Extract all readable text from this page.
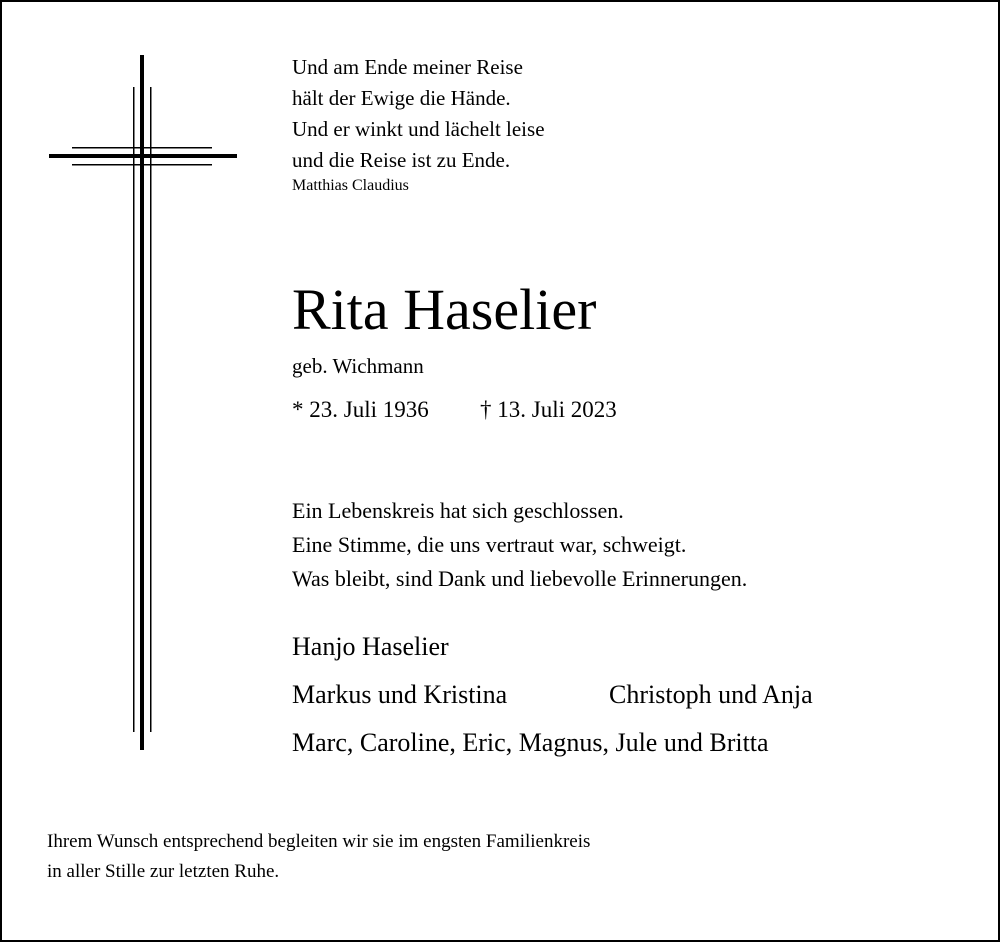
Und am Ende meiner Reise
hält der Ewige die Hände.
Und er winkt und lächelt leise
und die Reise ist zu Ende.
Matthias Claudius
Rita Haselier
geb. Wichmann
* 23. Juli 1936 † 13. Juli 2023
Ein Lebenskreis hat sich geschlossen.
Eine Stimme, die uns vertraut war, schweigt.
Was bleibt, sind Dank und liebevolle Erinnerungen.
Hanjo Haselier
Markus und Kristina	Christoph und Anja
Marc, Caroline, Eric, Magnus, Jule und Britta
Ihrem Wunsch entsprechend begleiten wir sie im engsten Familienkreis
in aller Stille zur letzten Ruhe.
